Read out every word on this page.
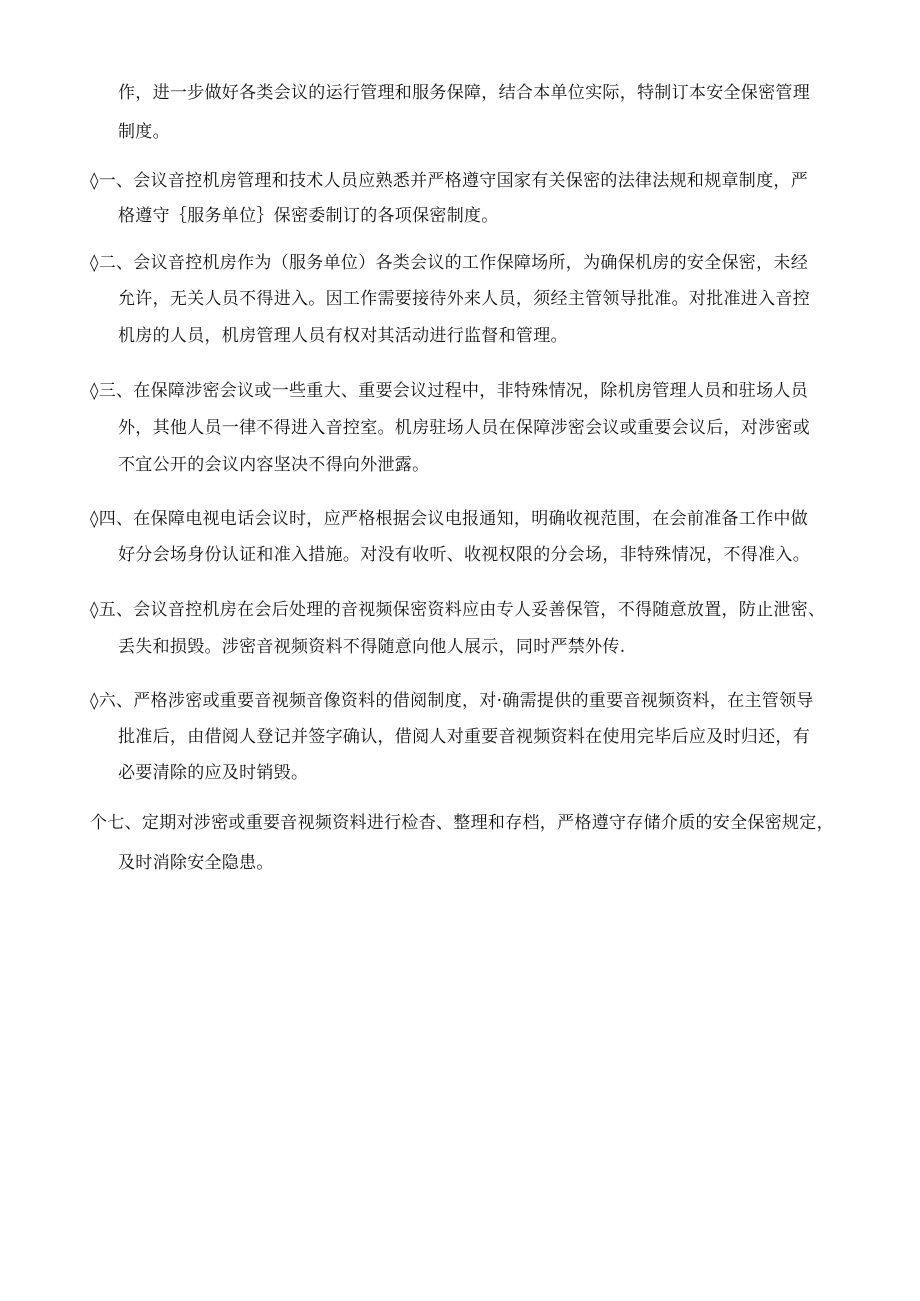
作，进一步做好各类会议的运行管理和服务保障，结合本单位实际，特制订本安全保密管理
制度。
◊一、会议音控机房管理和技术人员应熟悉并严格遵守国家有关保密的法律法规和规章制度，严
格遵守｛服务单位｝保密委制订的各项保密制度。
◊二、会议音控机房作为（服务单位）各类会议的工作保障场所，为确保机房的安全保密，未经
允许，无关人员不得进入。因工作需要接待外来人员，须经主管领导批准。对批准进入音控
机房的人员，机房管理人员有权对其活动进行监督和管理。
◊三、在保障涉密会议或一些重大、重要会议过程中，非特殊情况，除机房管理人员和驻场人员
外，其他人员一律不得进入音控室。机房驻场人员在保障涉密会议或重要会议后，对涉密或
不宜公开的会议内容坚决不得向外泄露。
◊四、在保障电视电话会议时，应严格根据会议电报通知，明确收视范围，在会前准备工作中做
好分会场身份认证和准入措施。对没有收听、收视权限的分会场，非特殊情况，不得准入。
◊五、会议音控机房在会后处理的音视频保密资料应由专人妥善保管，不得随意放置，防止泄密、
丢失和损毁。涉密音视频资料不得随意向他人展示，同时严禁外传.
◊六、严格涉密或重要音视频音像资料的借阅制度，对·确需提供的重要音视频资料，在主管领导
批准后，由借阅人登记并签字确认，借阅人对重要音视频资料在使用完毕后应及时归还，有
必要清除的应及时销毁。
个七、定期对涉密或重要音视频资料进行检杳、整理和存档，严格遵守存储介质的安全保密规定，
及时消除安全隐患。
